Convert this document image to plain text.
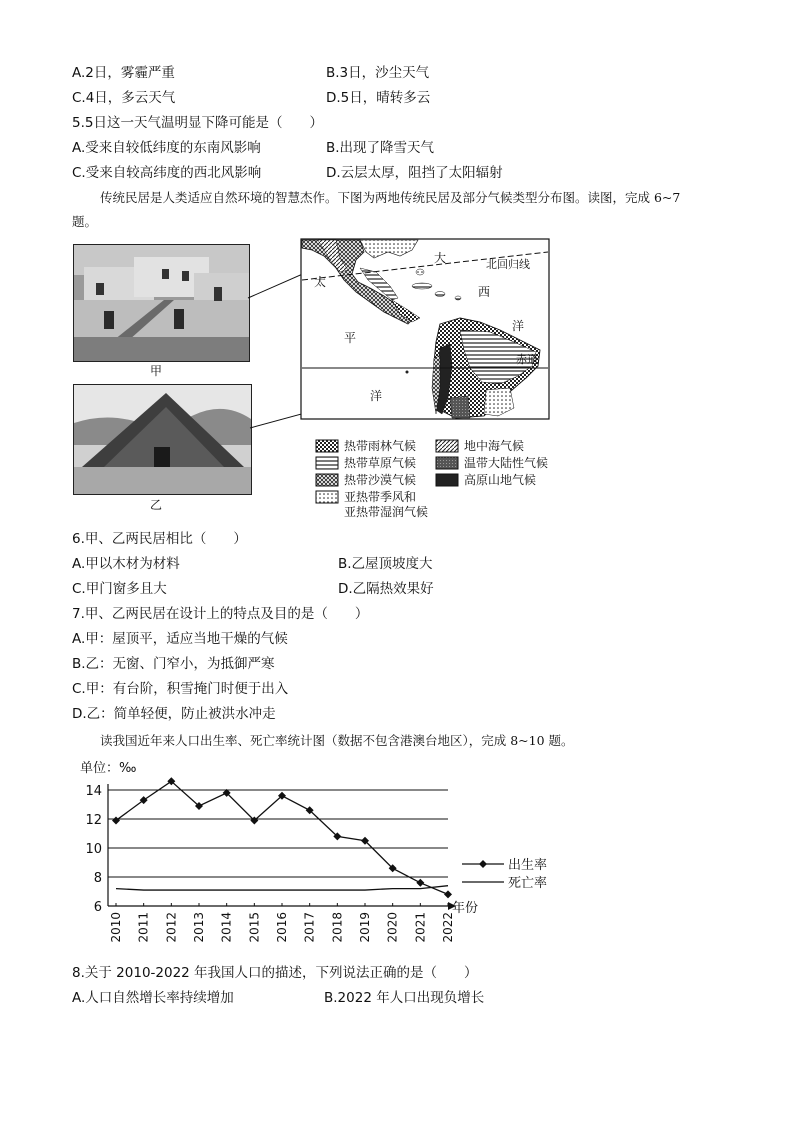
A.2日，雾霾严重	B.3日，沙尘天气
C.4日，多云天气	D.5日，晴转多云
5.5日这一天气温明显下降可能是（　　）
A.受来自较低纬度的东南风影响	B.出现了降雪天气
C.受来自较高纬度的西北风影响	D.云层太厚，阻挡了太阳辐射
传统民居是人类适应自然环境的智慧杰作。下图为两地传统民居及部分气候类型分布图。读图，完成 6~7
题。
甲
乙
北回归线
赤道
太
平
洋
大
西
洋
热带雨林气候	地中海气候
热带草原气候	温带大陆性气候
热带沙漠气候	高原山地气候
亚热带季风和
亚热带湿润气候
6.甲、乙两民居相比（　　）
A.甲以木材为材料	B.乙屋顶坡度大
C.甲门窗多且大	D.乙隔热效果好
7.甲、乙两民居在设计上的特点及目的是（　　）
A.甲：屋顶平，适应当地干燥的气候
B.乙：无窗、门窄小，为抵御严寒
C.甲：有台阶，积雪掩门时便于出入
D.乙：简单轻便，防止被洪水冲走
读我国近年来人口出生率、死亡率统计图（数据不包含港澳台地区），完成 8~10 题。
单位：‰
6
8
10
12
14
2010 2011 2012 2013 2014 2015 2016 2017 2018 2019 2020 2021 2022
年份
出生率
死亡率
8.关于 2010-2022 年我国人口的描述，下列说法正确的是（　　）
A.人口自然增长率持续增加	B.2022 年人口出现负增长
